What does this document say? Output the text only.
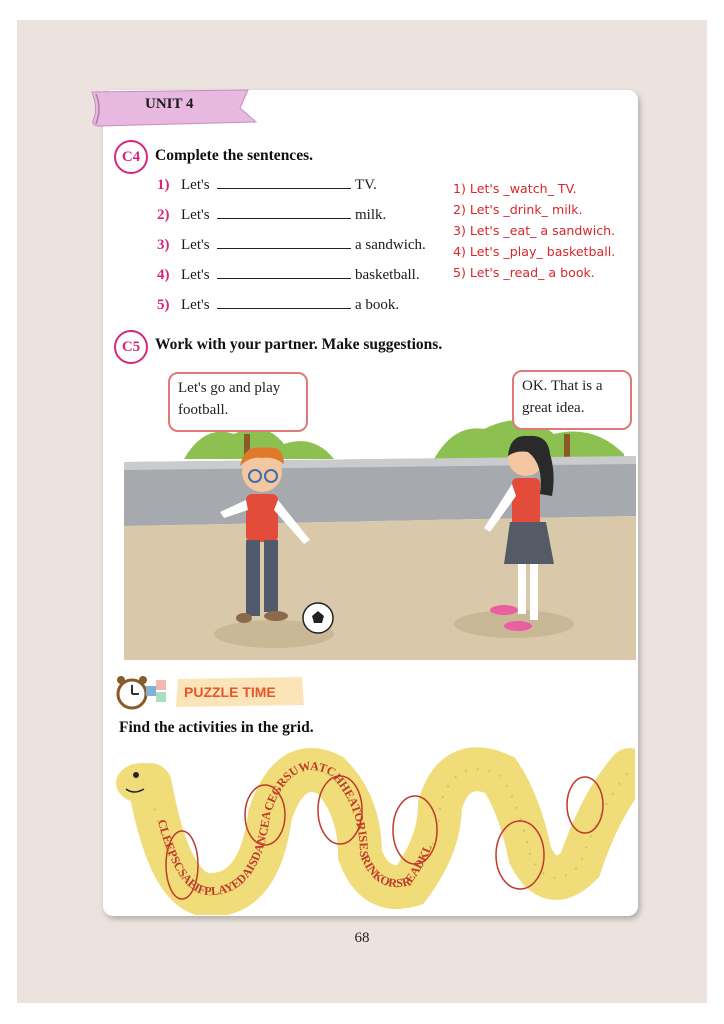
UNIT 4
C4 Complete the sentences.
1) Let's	TV.
2) Let's	milk.
3) Let's	a sandwich.
4) Let's	basketball.
5) Let's	a book.
1) Let's _watch_ TV.
2) Let's _drink_ milk.
3) Let's _eat_ a sandwich.
4) Let's _play_ basketball.
5) Let's _read_ a book.
C5 Work with your partner. Make suggestions.
Let's go and play
football.
OK. That is a
great idea.
PUZZLE TIME
Find the activities in the grid.
CLEEPSCSAEIFPLAYEDAISDANCEACEGRSUWATCHHEATORISESRINKORSREADKL
68
